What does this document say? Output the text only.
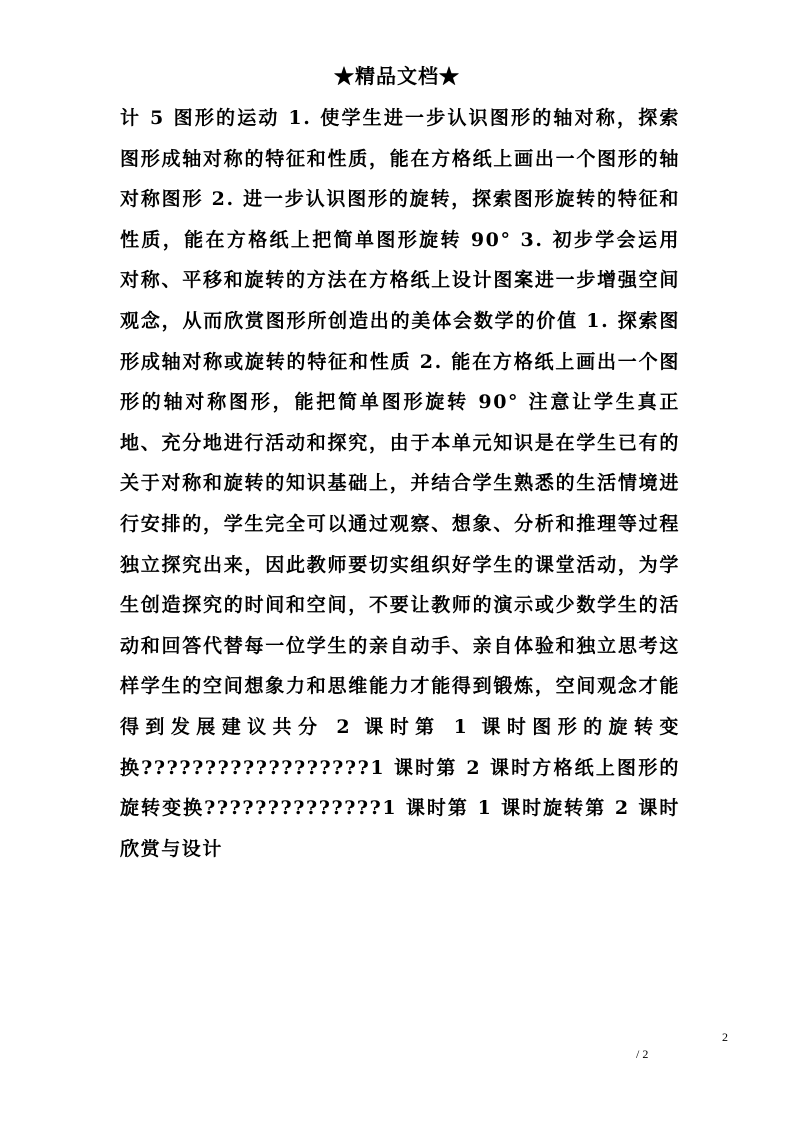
★精品文档★

计 5 图形的运动 1. 使学生进一步认识图形的轴对称，探索图形成轴对称的特征和性质，能在方格纸上画出一个图形的轴对称图形 2. 进一步认识图形的旋转，探索图形旋转的特征和性质，能在方格纸上把简单图形旋转 90° 3. 初步学会运用对称、平移和旋转的方法在方格纸上设计图案进一步增强空间观念，从而欣赏图形所创造出的美体会数学的价值 1. 探索图形成轴对称或旋转的特征和性质 2. 能在方格纸上画出一个图形的轴对称图形，能把简单图形旋转 90° 注意让学生真正地、充分地进行活动和探究，由于本单元知识是在学生已有的关于对称和旋转的知识基础上，并结合学生熟悉的生活情境进行安排的，学生完全可以通过观察、想象、分析和推理等过程独立探究出来，因此教师要切实组织好学生的课堂活动，为学生创造探究的时间和空间，不要让教师的演示或少数学生的活动和回答代替每一位学生的亲自动手、亲自体验和独立思考这样学生的空间想象力和思维能力才能得到锻炼，空间观念才能得到发展建议共分 2 课时第 1 课时图形的旋转变换??????????????????1 课时第 2 课时方格纸上图形的旋转变换??????????????1 课时第 1 课时旋转第 2 课时欣赏与设计

2
/ 2
